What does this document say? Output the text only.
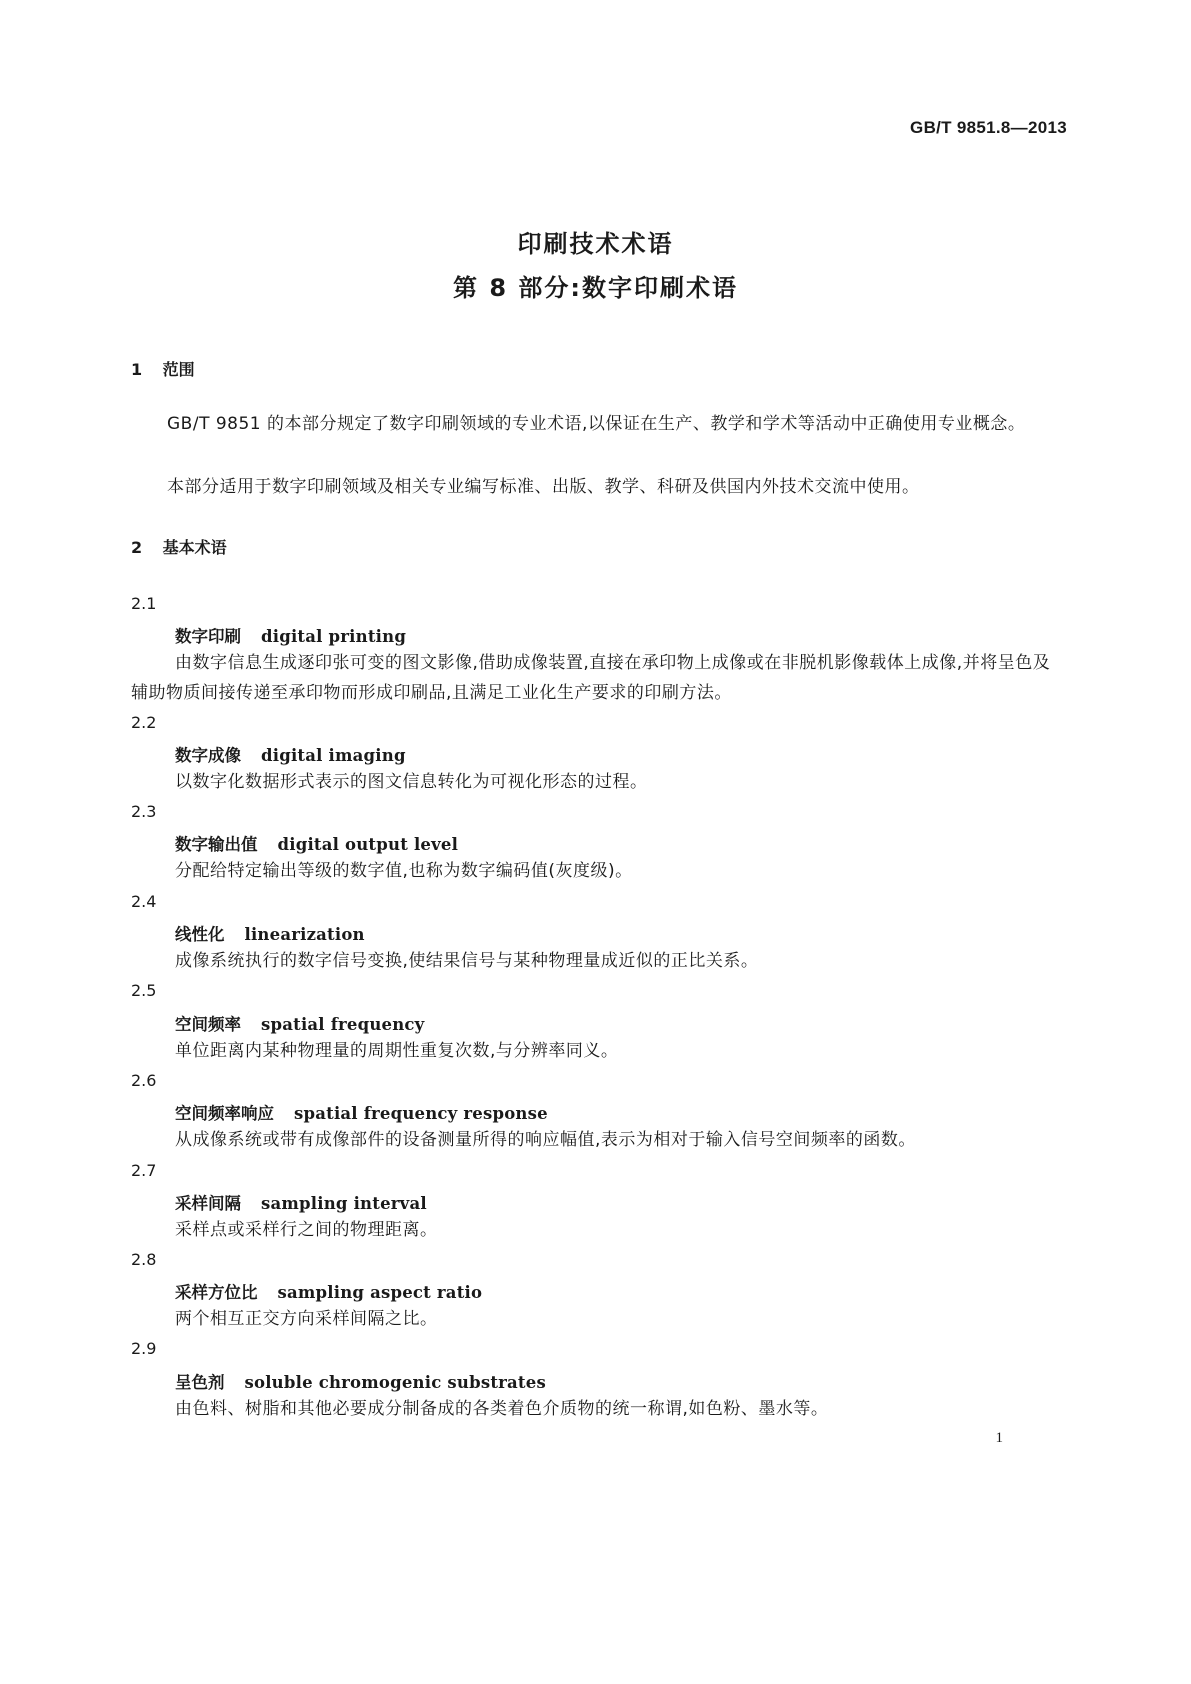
GB/T 9851.8—2013
印刷技术术语
第 8 部分:数字印刷术语
1 范围
GB/T 9851 的本部分规定了数字印刷领域的专业术语,以保证在生产、教学和学术等活动中正确使用专业概念。
本部分适用于数字印刷领域及相关专业编写标准、出版、教学、科研及供国内外技术交流中使用。
2 基本术语
2.1
数字印刷 digital printing
由数字信息生成逐印张可变的图文影像,借助成像装置,直接在承印物上成像或在非脱机影像载体上成像,并将呈色及辅助物质间接传递至承印物而形成印刷品,且满足工业化生产要求的印刷方法。
2.2
数字成像 digital imaging
以数字化数据形式表示的图文信息转化为可视化形态的过程。
2.3
数字输出值 digital output level
分配给特定输出等级的数字值,也称为数字编码值(灰度级)。
2.4
线性化 linearization
成像系统执行的数字信号变换,使结果信号与某种物理量成近似的正比关系。
2.5
空间频率 spatial frequency
单位距离内某种物理量的周期性重复次数,与分辨率同义。
2.6
空间频率响应 spatial frequency response
从成像系统或带有成像部件的设备测量所得的响应幅值,表示为相对于输入信号空间频率的函数。
2.7
采样间隔 sampling interval
采样点或采样行之间的物理距离。
2.8
采样方位比 sampling aspect ratio
两个相互正交方向采样间隔之比。
2.9
呈色剂 soluble chromogenic substrates
由色料、树脂和其他必要成分制备成的各类着色介质物的统一称谓,如色粉、墨水等。
1
